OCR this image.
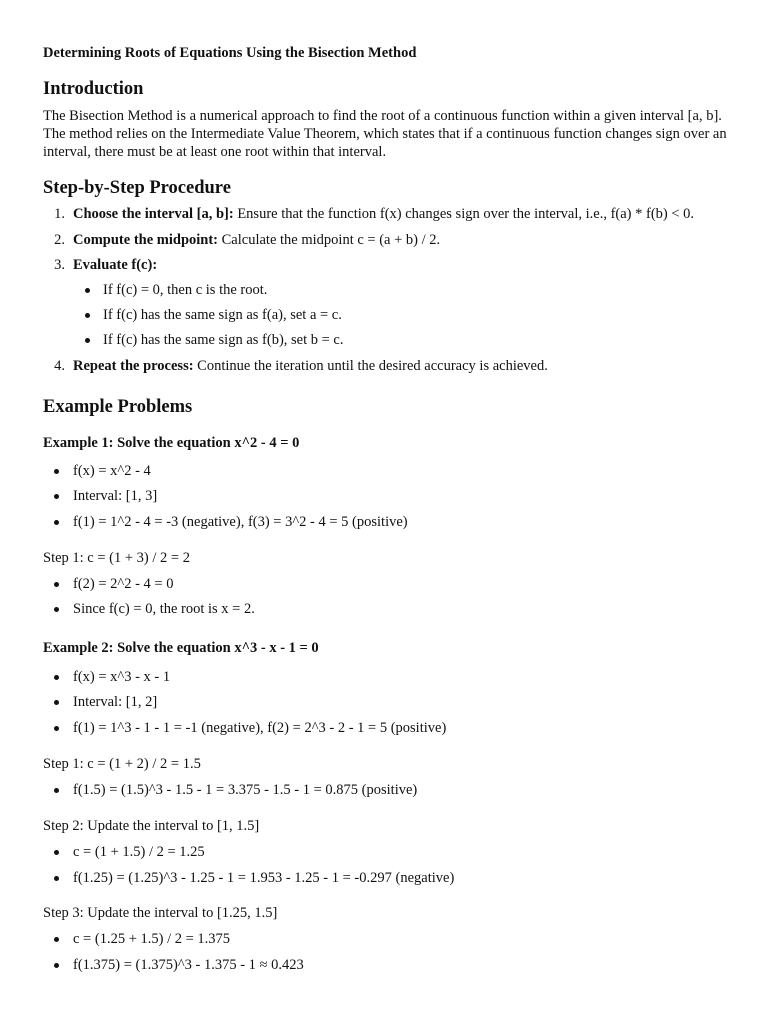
Determining Roots of Equations Using the Bisection Method
Introduction
The Bisection Method is a numerical approach to find the root of a continuous function within a given interval [a, b]. The method relies on the Intermediate Value Theorem, which states that if a continuous function changes sign over an interval, there must be at least one root within that interval.
Step-by-Step Procedure
1. Choose the interval [a, b]: Ensure that the function f(x) changes sign over the interval, i.e., f(a) * f(b) < 0.
2. Compute the midpoint: Calculate the midpoint c = (a + b) / 2.
3. Evaluate f(c):
If f(c) = 0, then c is the root.
If f(c) has the same sign as f(a), set a = c.
If f(c) has the same sign as f(b), set b = c.
4. Repeat the process: Continue the iteration until the desired accuracy is achieved.
Example Problems
Example 1: Solve the equation x^2 - 4 = 0
f(x) = x^2 - 4
Interval: [1, 3]
f(1) = 1^2 - 4 = -3 (negative), f(3) = 3^2 - 4 = 5 (positive)
Step 1: c = (1 + 3) / 2 = 2
f(2) = 2^2 - 4 = 0
Since f(c) = 0, the root is x = 2.
Example 2: Solve the equation x^3 - x - 1 = 0
f(x) = x^3 - x - 1
Interval: [1, 2]
f(1) = 1^3 - 1 - 1 = -1 (negative), f(2) = 2^3 - 2 - 1 = 5 (positive)
Step 1: c = (1 + 2) / 2 = 1.5
f(1.5) = (1.5)^3 - 1.5 - 1 = 3.375 - 1.5 - 1 = 0.875 (positive)
Step 2: Update the interval to [1, 1.5]
c = (1 + 1.5) / 2 = 1.25
f(1.25) = (1.25)^3 - 1.25 - 1 = 1.953 - 1.25 - 1 = -0.297 (negative)
Step 3: Update the interval to [1.25, 1.5]
c = (1.25 + 1.5) / 2 = 1.375
f(1.375) = (1.375)^3 - 1.375 - 1 ≈ 0.423
